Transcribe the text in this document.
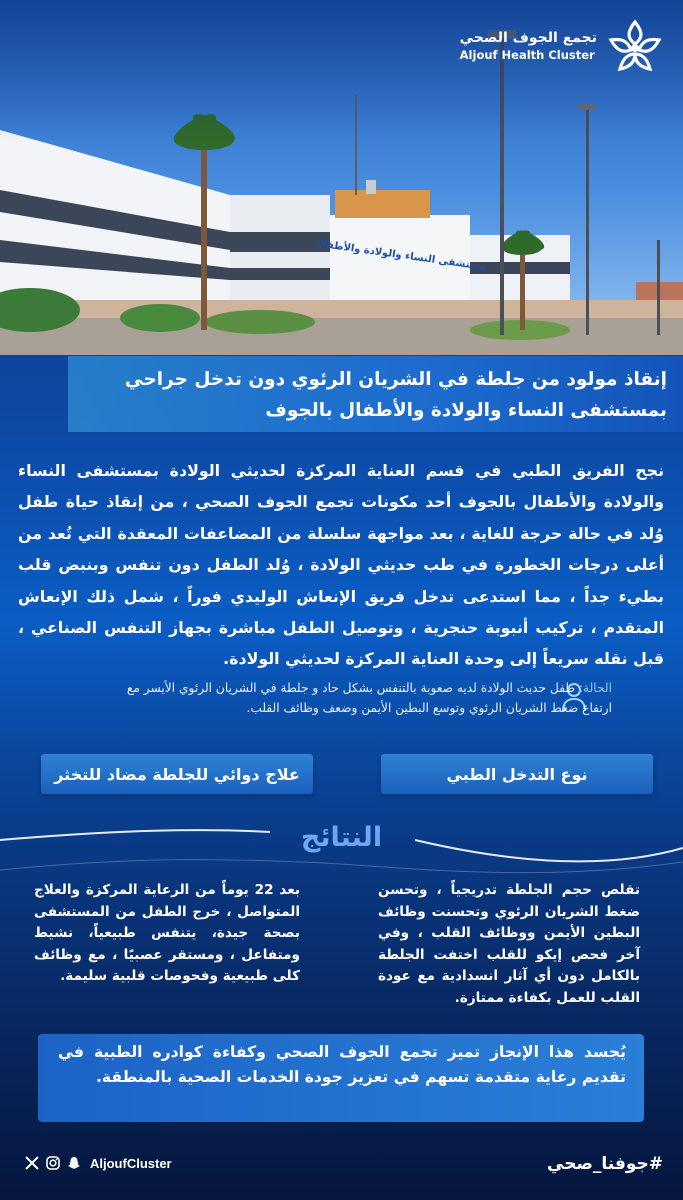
تجمع الجوف الصحي
Aljouf Health Cluster
إنقاذ مولود من جلطة في الشريان الرئوي دون تدخل جراحي
بمستشفى النساء والولادة والأطفال بالجوف

نجح الفريق الطبي في قسم العناية المركزة لحديثي الولادة بمستشفى النساء والولادة والأطفال بالجوف أحد مكونات تجمع الجوف الصحي ، من إنقاذ حياة طفل وُلد في حالة حرجة للغاية ، بعد مواجهة سلسلة من المضاعفات المعقدة التي تُعد من أعلى درجات الخطورة في طب حديثي الولادة ، وُلد الطفل دون تنفس وبنبض قلب بطيء جداً ، مما استدعى تدخل فريق الإنعاش الوليدي فوراً ، شمل ذلك الإنعاش المتقدم ، تركيب أنبوبة حنجرية ، وتوصيل الطفل مباشرة بجهاز التنفس الصناعي ، قبل نقله سريعاً إلى وحدة العناية المركزة لحديثي الولادة.

الحالة: طفل حديث الولادة لديه صعوبة بالتنفس بشكل حاد و جلطة في الشريان الرئوي الأيسر مع ارتفاع ضغط الشريان الرئوي وتوسع البطين الأيمن وضعف وظائف القلب.

نوع التدخل الطبي
علاج دوائي للجلطة مضاد للتخثر
النتائج

تقلص حجم الجلطة تدريجياً ، وتحسن ضغط الشريان الرئوي وتحسنت وظائف البطين الأيمن ووظائف القلب ، وفي آخر فحص إيكو للقلب اختفت الجلطة بالكامل دون أي آثار انسدادية مع عودة القلب للعمل بكفاءة ممتازة.

بعد 22 يوماً من الرعاية المركزة والعلاج المتواصل ، خرج الطفل من المستشفى بصحة جيدة، يتنفس طبيعياً، نشيط ومتفاعل ، ومستقر عصبيًا ، مع وظائف كلى طبيعية وفحوصات قلبية سليمة.

يُجسد هذا الإنجاز تميز تجمع الجوف الصحي وكفاءة كوادره الطبية في تقديم رعاية متقدمة تسهم في تعزيز جودة الخدمات الصحية بالمنطقة.

#جوفنا_صحي
AljoufCluster
